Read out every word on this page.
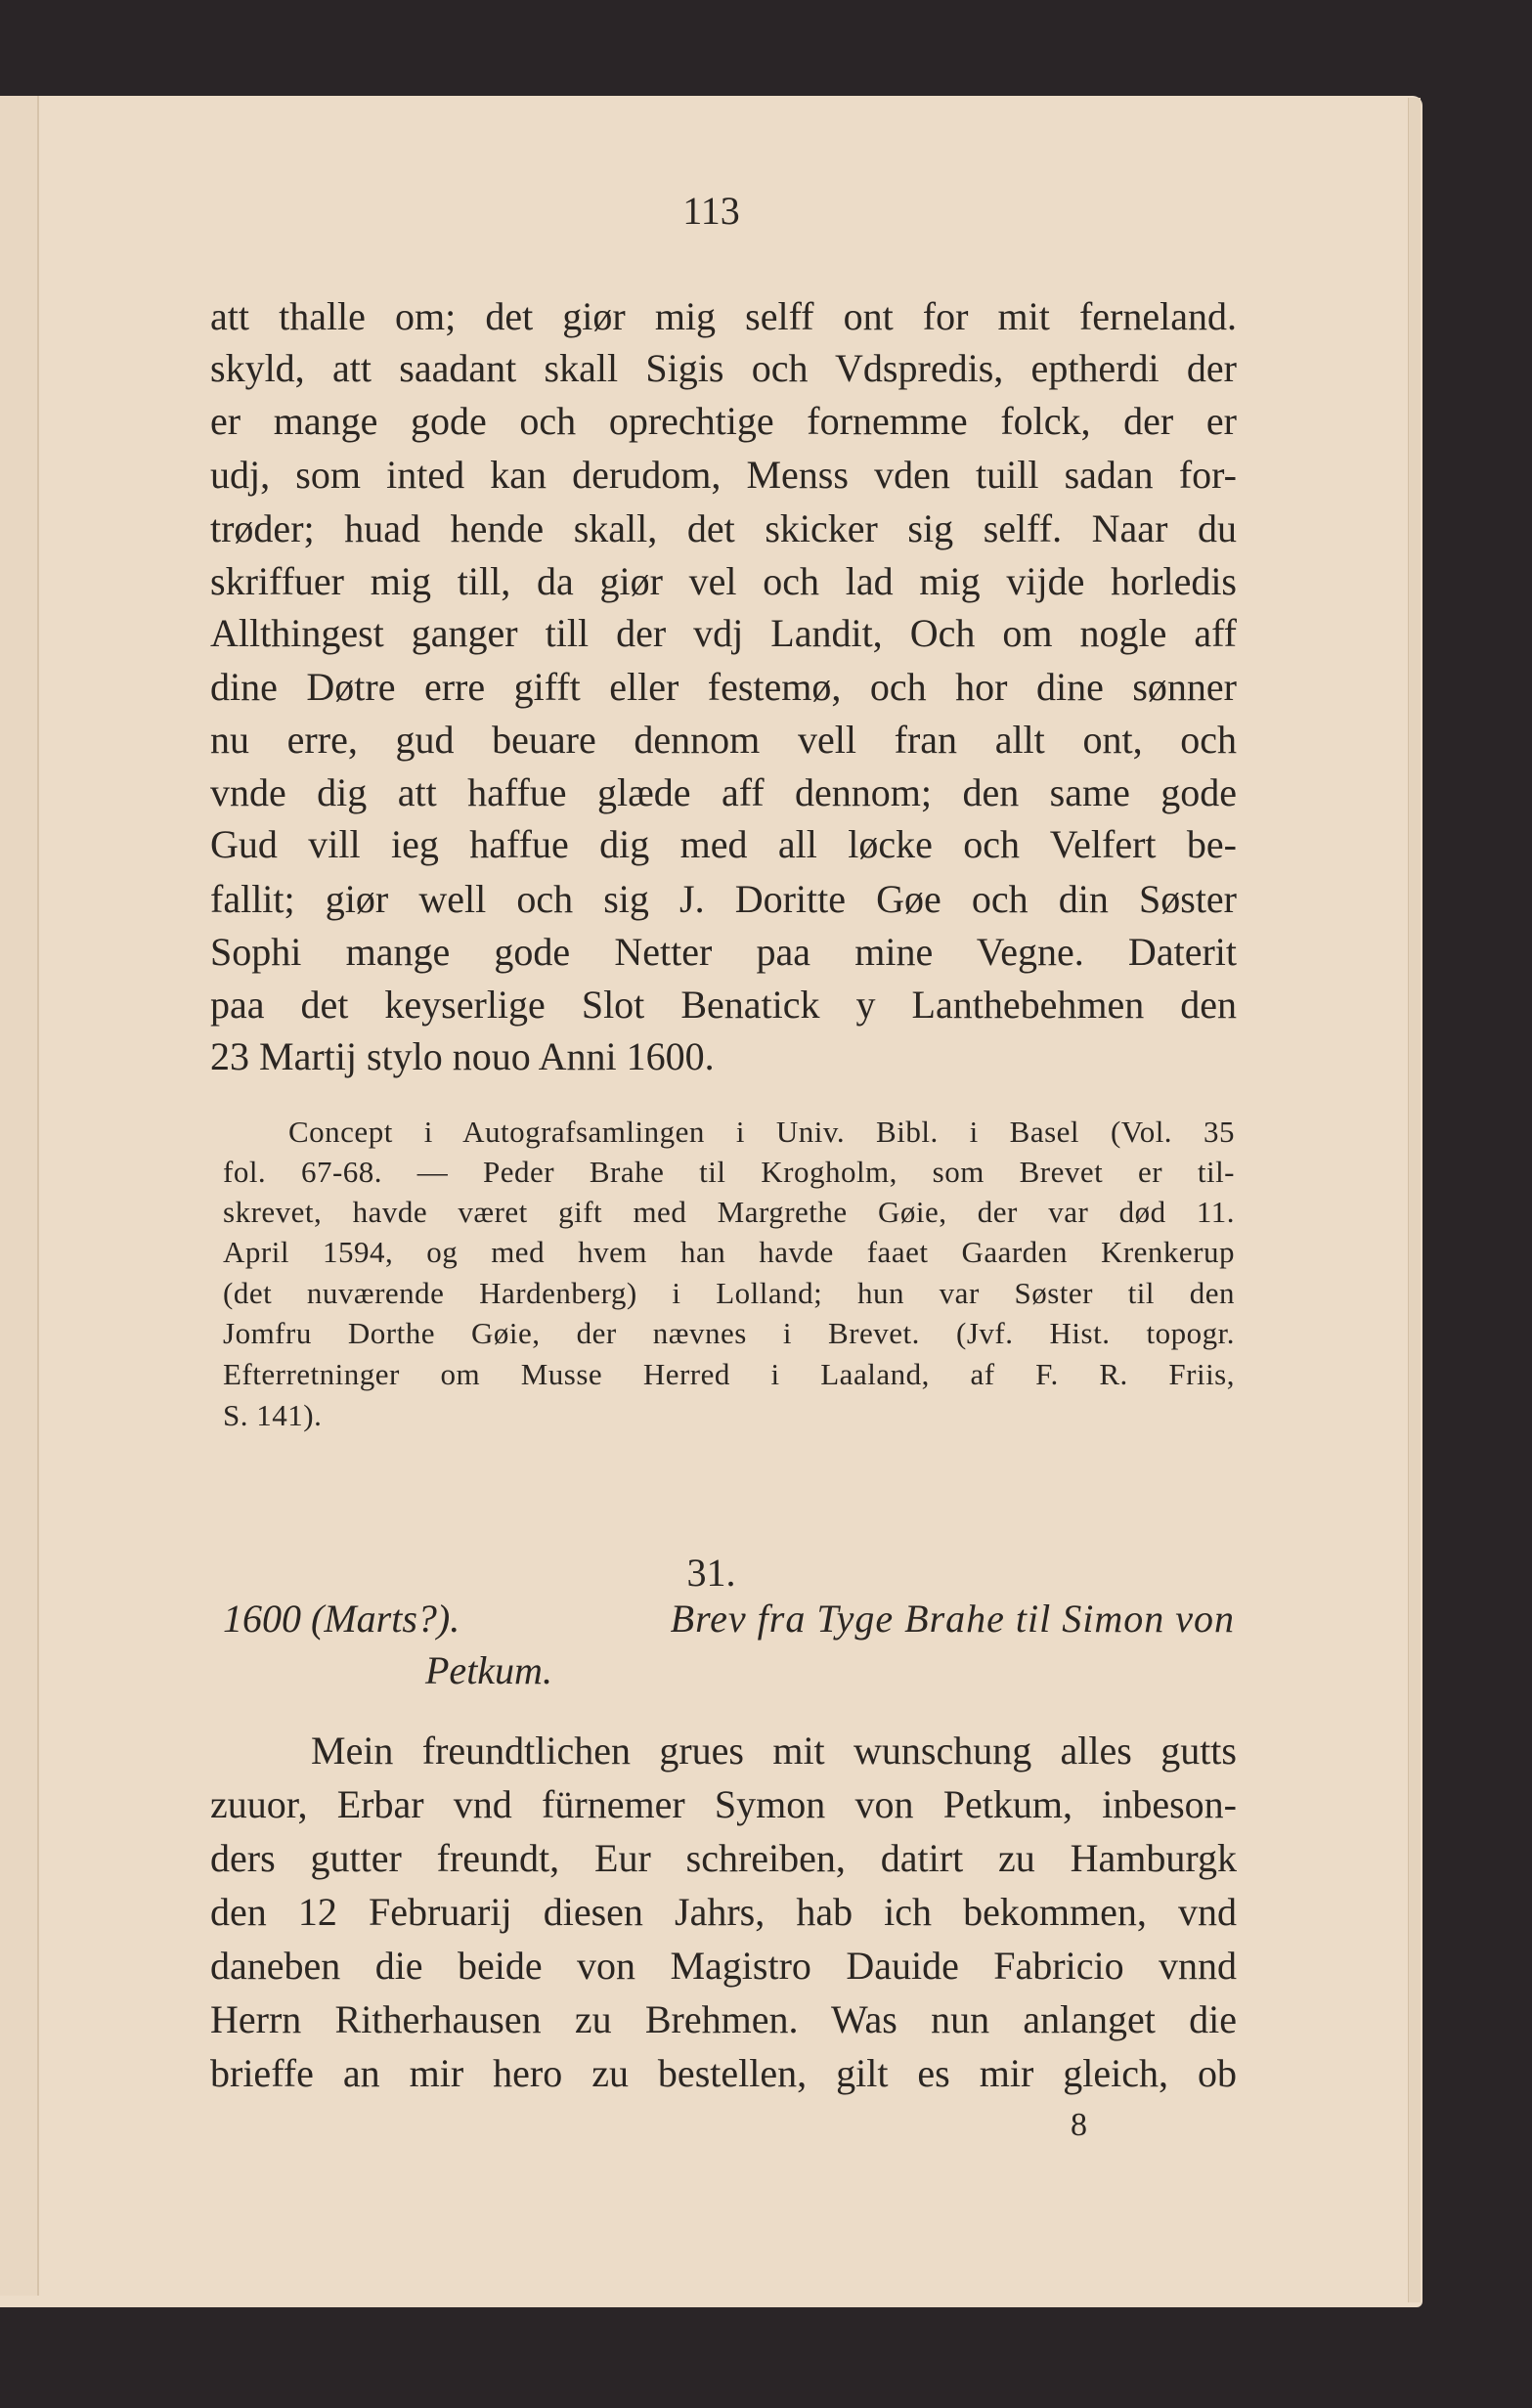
113
att thalle om; det giør mig selff ont for mit ferneland.
skyld, att saadant skall Sigis och Vdspredis, eptherdi der
er mange gode och oprechtige fornemme folck, der er
udj, som inted kan derudom, Menss vden tuill sadan for-
trøder; huad hende skall, det skicker sig selff. Naar du
skriffuer mig till, da giør vel och lad mig vijde horledis
Allthingest ganger till der vdj Landit, Och om nogle aff
dine Døtre erre gifft eller festemø, och hor dine sønner
nu erre, gud beuare dennom vell fran allt ont, och
vnde dig att haffue glæde aff dennom; den same gode
Gud vill ieg haffue dig med all løcke och Velfert be-
fallit; giør well och sig J. Doritte Gøe och din Søster
Sophi mange gode Netter paa mine Vegne. Daterit
paa det keyserlige Slot Benatick y Lanthebehmen den
23 Martij stylo nouo Anni 1600.
Concept i Autografsamlingen i Univ. Bibl. i Basel (Vol. 35
fol. 67-68. — Peder Brahe til Krogholm, som Brevet er til-
skrevet, havde været gift med Margrethe Gøie, der var død 11.
April 1594, og med hvem han havde faaet Gaarden Krenkerup
(det nuværende Hardenberg) i Lolland; hun var Søster til den
Jomfru Dorthe Gøie, der nævnes i Brevet. (Jvf. Hist. topogr.
Efterretninger om Musse Herred i Laaland, af F. R. Friis,
S. 141).
31.
1600 (Marts?).	Brev fra Tyge Brahe til Simon von
Petkum.
Mein freundtlichen grues mit wunschung alles gutts
zuuor, Erbar vnd fürnemer Symon von Petkum, inbeson-
ders gutter freundt, Eur schreiben, datirt zu Hamburgk
den 12 Februarij diesen Jahrs, hab ich bekommen, vnd
daneben die beide von Magistro Dauide Fabricio vnnd
Herrn Ritherhausen zu Brehmen. Was nun anlanget die
brieffe an mir hero zu bestellen, gilt es mir gleich, ob
8
